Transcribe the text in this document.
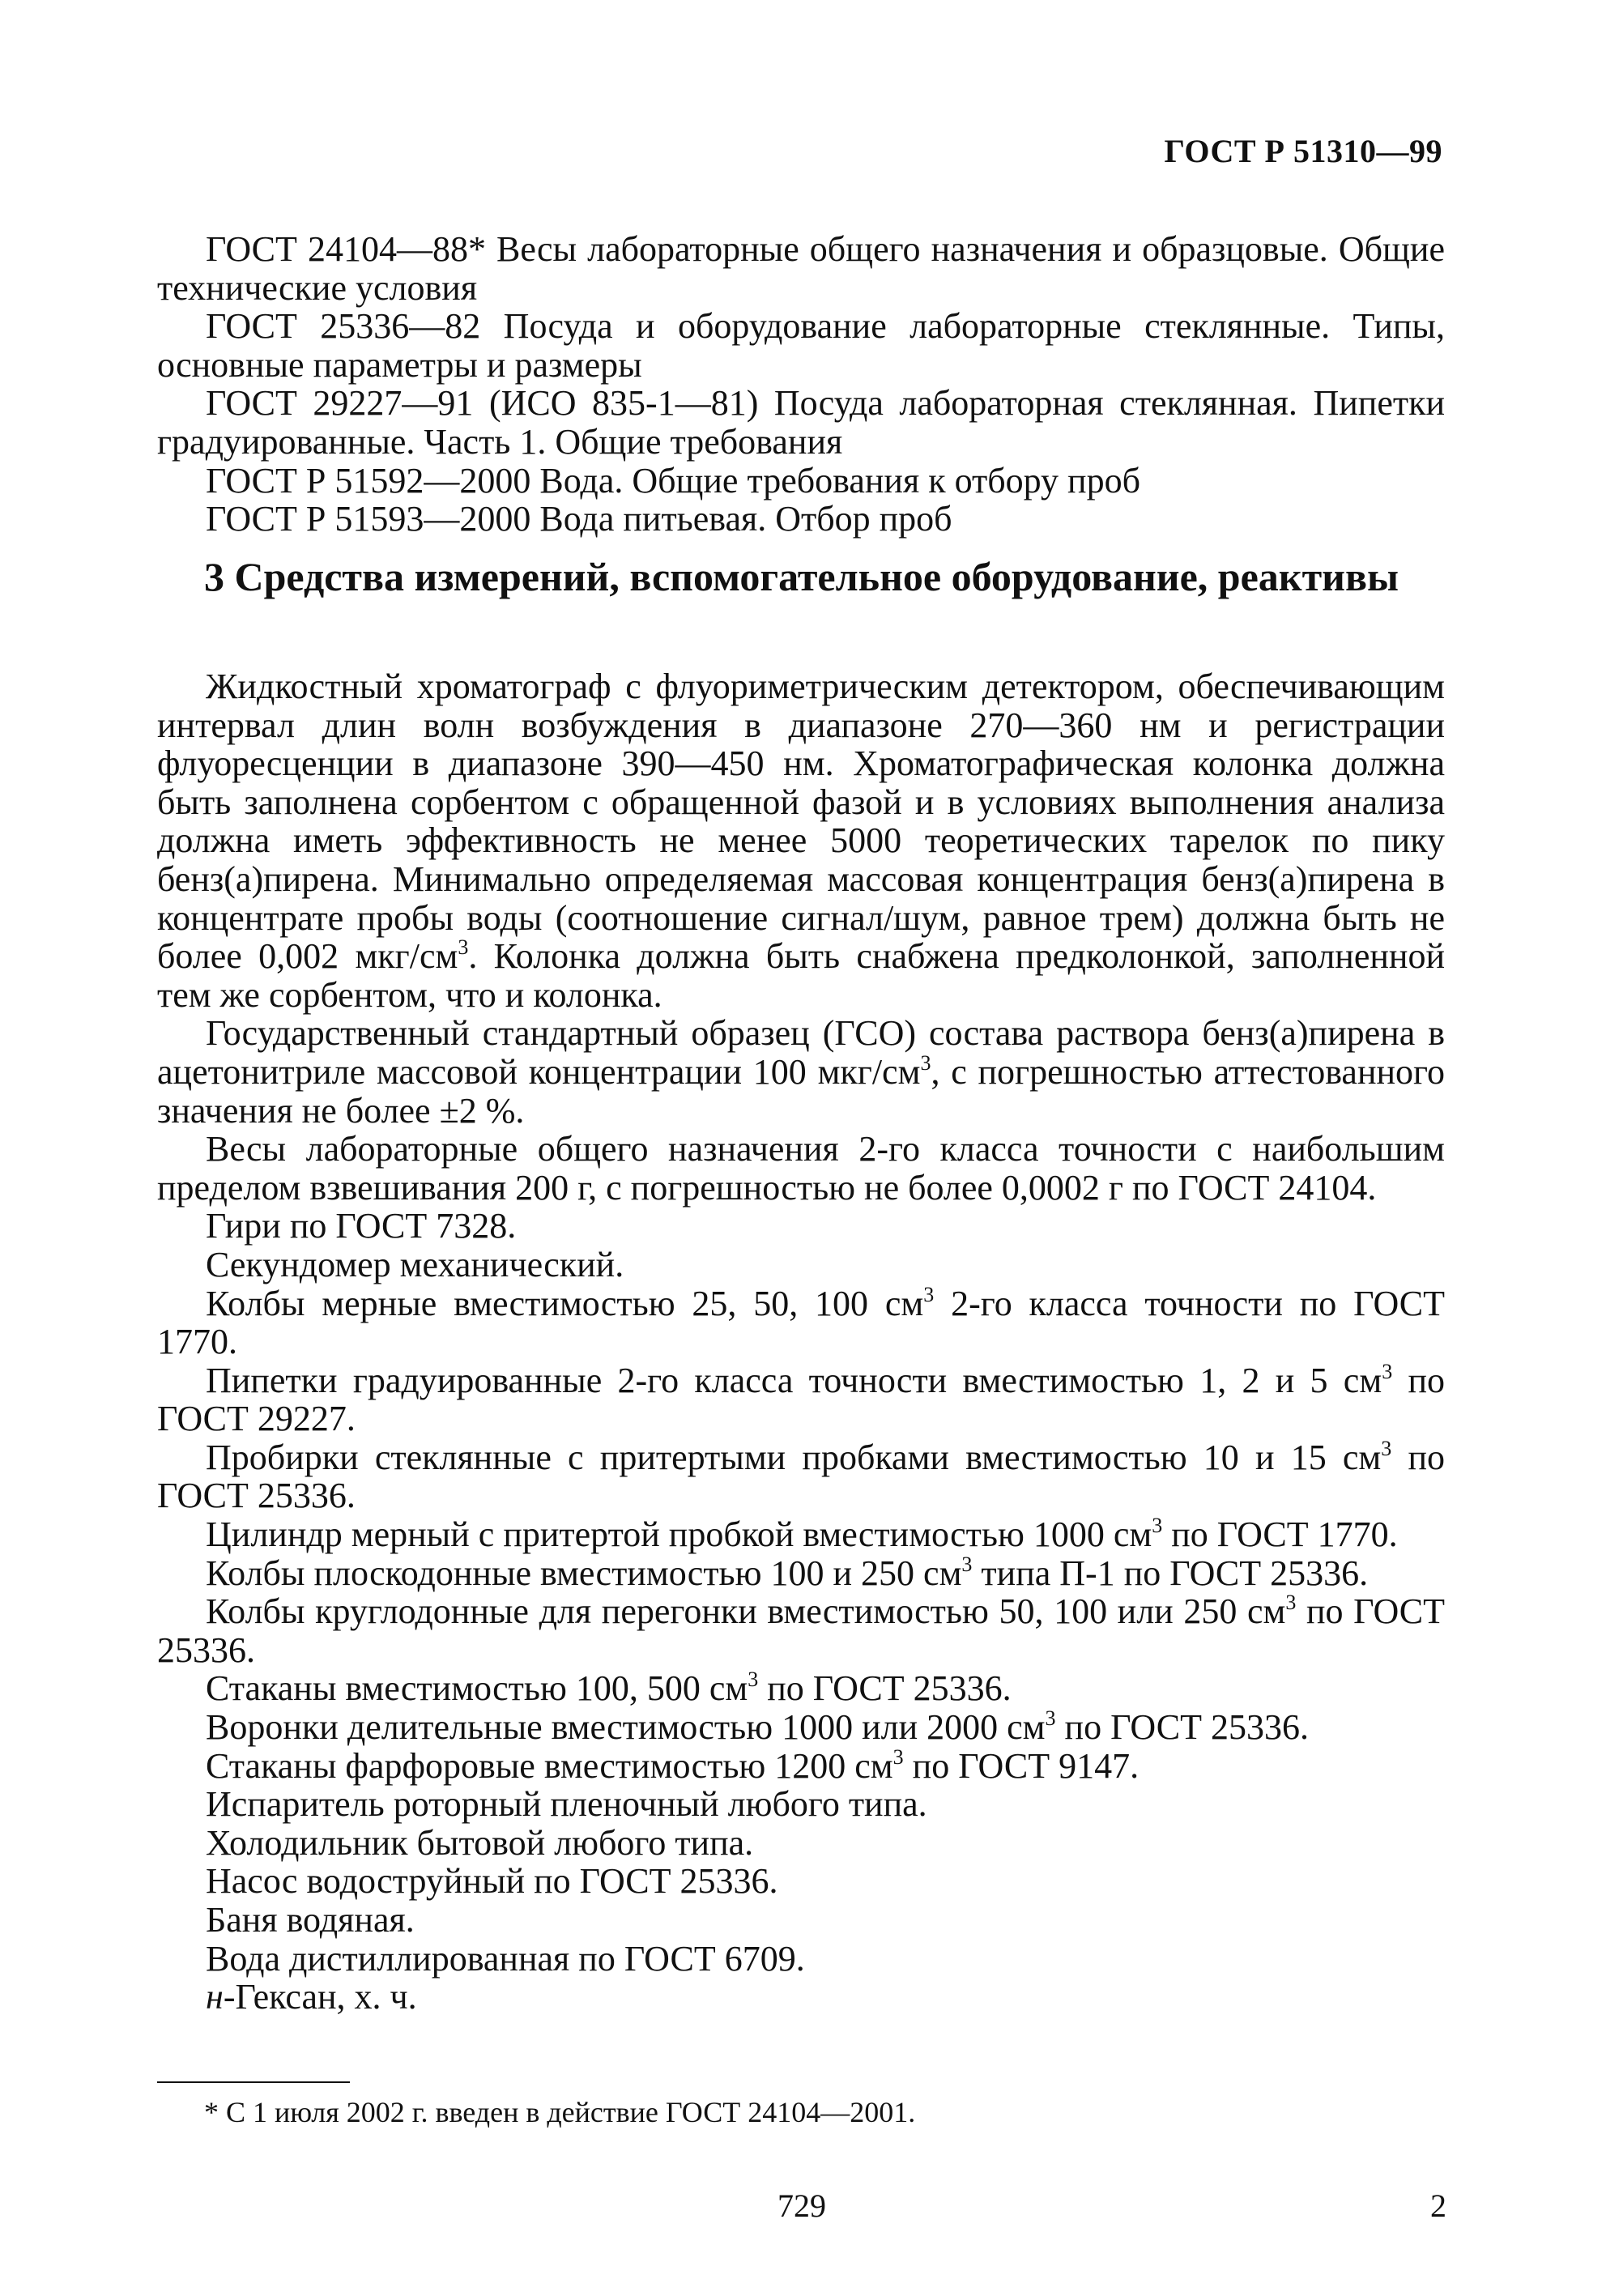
ГОСТ Р 51310—99

ГОСТ 24104—88* Весы лабораторные общего назначения и образцовые. Общие технические условия

ГОСТ 25336—82 Посуда и оборудование лабораторные стеклянные. Типы, основные параметры и размеры

ГОСТ 29227—91 (ИСО 835-1—81) Посуда лабораторная стеклянная. Пипетки градуированные. Часть 1. Общие требования

ГОСТ Р 51592—2000 Вода. Общие требования к отбору проб

ГОСТ Р 51593—2000 Вода питьевая. Отбор проб

3 Средства измерений, вспомогательное оборудование, реактивы

Жидкостный хроматограф с флуориметрическим детектором, обеспечивающим интервал длин волн возбуждения в диапазоне 270—360 нм и регистрации флуоресценции в диапазоне 390—450 нм. Хроматографическая колонка должна быть заполнена сорбентом с обращенной фазой и в условиях выполнения анализа должна иметь эффективность не менее 5000 теоретических тарелок по пику бенз(а)пирена. Минимально определяемая массовая концентрация бенз(а)пирена в концентрате пробы воды (соотношение сигнал/шум, равное трем) должна быть не более 0,002 мкг/$см^3$. Колонка должна быть снабжена предколонкой, заполненной тем же сорбентом, что и колонка.

Государственный стандартный образец (ГСО) состава раствора бенз(а)пирена в ацетонитриле массовой концентрации 100 мкг/$см^3$, с погрешностью аттестованного значения не более ±2 %.

Весы лабораторные общего назначения 2-го класса точности с наибольшим пределом взвешивания 200 г, с погрешностью не более 0,0002 г по ГОСТ 24104.

Гири по ГОСТ 7328.

Секундомер механический.

Колбы мерные вместимостью 25, 50, 100 $см^3$ 2-го класса точности по ГОСТ 1770.

Пипетки градуированные 2-го класса точности вместимостью 1, 2 и 5 $см^3$ по ГОСТ 29227.

Пробирки стеклянные с притертыми пробками вместимостью 10 и 15 $см^3$ по ГОСТ 25336.

Цилиндр мерный с притертой пробкой вместимостью 1000 $см^3$ по ГОСТ 1770.

Колбы плоскодонные вместимостью 100 и 250 $см^3$ типа П-1 по ГОСТ 25336.

Колбы круглодонные для перегонки вместимостью 50, 100 или 250 $см^3$ по ГОСТ 25336.

Стаканы вместимостью 100, 500 $см^3$ по ГОСТ 25336.

Воронки делительные вместимостью 1000 или 2000 $см^3$ по ГОСТ 25336.

Стаканы фарфоровые вместимостью 1200 $см^3$ по ГОСТ 9147.

Испаритель роторный пленочный любого типа.

Холодильник бытовой любого типа.

Насос водоструйный по ГОСТ 25336.

Баня водяная.

Вода дистиллированная по ГОСТ 6709.

н-Гексан, х. ч.

* С 1 июля 2002 г. введен в действие ГОСТ 24104—2001.
729	2
